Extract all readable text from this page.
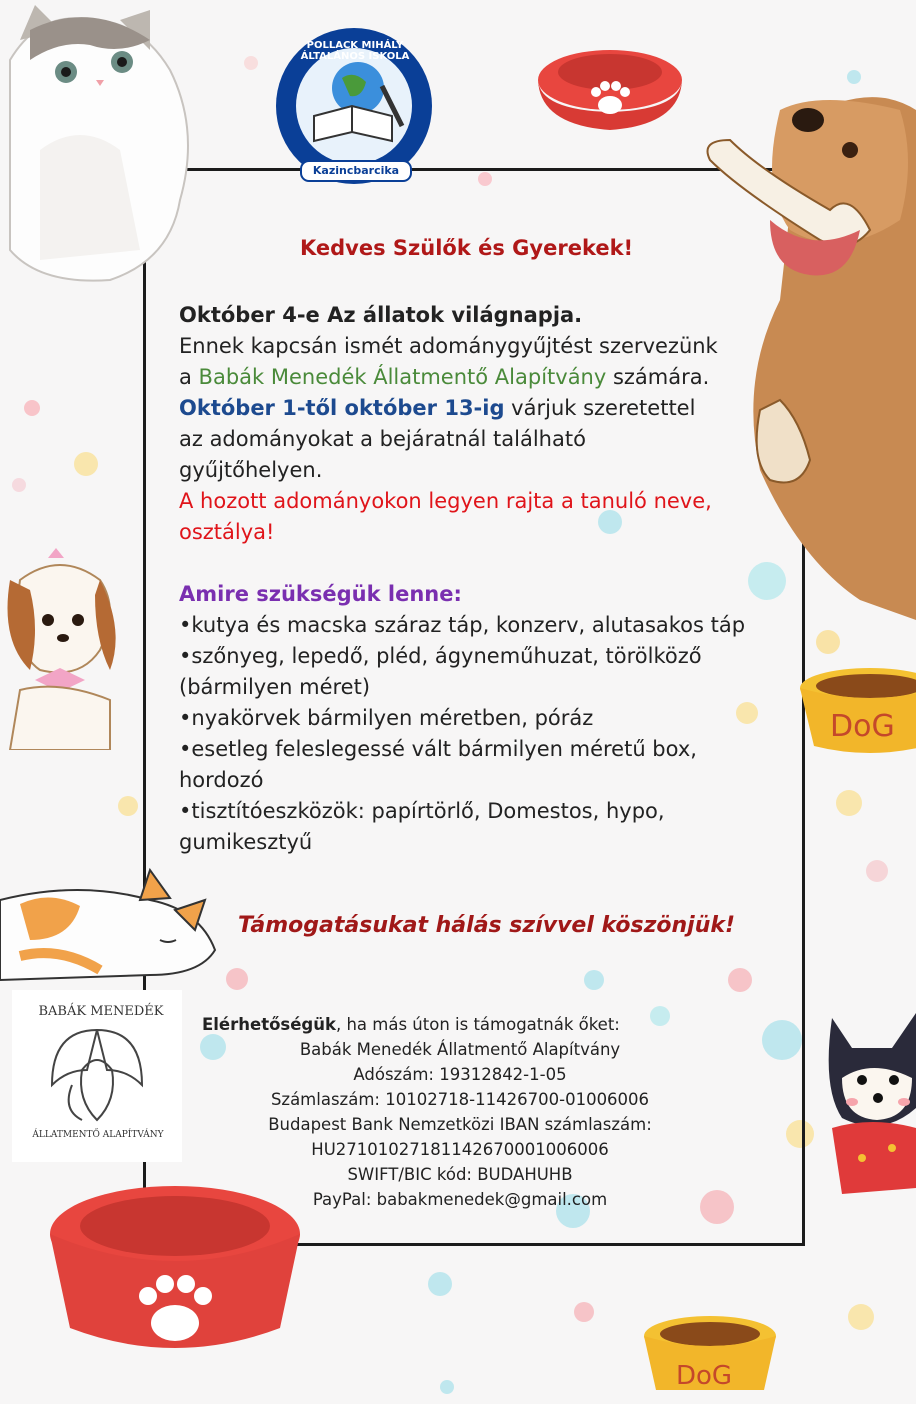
POLLACK MIHÁLY ÁLTALÁNOS ISKOLA
Kazincbarcika
DoG
DoG
BABÁK MENEDÉK
ÁLLATMENTŐ ALAPÍTVÁNY
Kedves Szülők és Gyerekek!

Október 4-e Az állatok világnapja.

Ennek kapcsán ismét adománygyűjtést szervezünk

a Babák Menedék Állatmentő Alapítvány számára.

Október 1-től október 13-ig várjuk szeretettel

az adományokat a bejáratnál található

gyűjtőhelyen.

A hozott adományokon legyen rajta a tanuló neve,

osztálya!

Amire szükségük lenne:

•kutya és macska száraz táp, konzerv, alutasakos táp

•szőnyeg, lepedő, pléd, ágyneműhuzat, törölköző (bármilyen méret)

•nyakörvek bármilyen méretben, póráz

•esetleg feleslegessé vált bármilyen méretű box, hordozó

•tisztítóeszközök: papírtörlő, Domestos, hypo, gumikesztyű

Támogatásukat hálás szívvel köszönjük!
Elérhetőségük, ha más úton is támogatnák őket:
Babák Menedék Állatmentő Alapítvány
Adószám: 19312842-1-05
Számlaszám: 10102718-11426700-01006006
Budapest Bank Nemzetközi IBAN számlaszám:
HU27101027181142670001006006
SWIFT/BIC kód: BUDAHUHB
PayPal: babakmenedek@gmail.com
